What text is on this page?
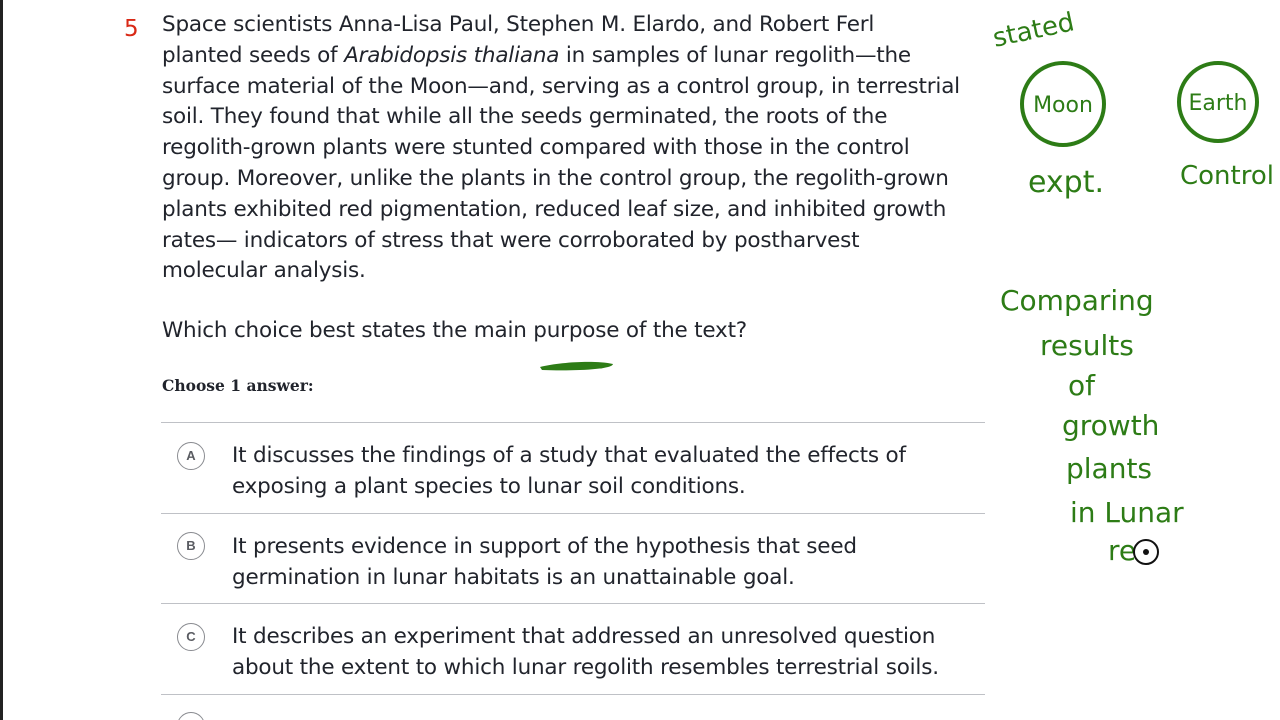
5 Space scientists Anna-Lisa Paul, Stephen M. Elardo, and Robert Ferl
planted seeds of Arabidopsis thaliana in samples of lunar regolith—the
surface material of the Moon—and, serving as a control group, in terrestrial
soil. They found that while all the seeds germinated, the roots of the
regolith-grown plants were stunted compared with those in the control
group. Moreover, unlike the plants in the control group, the regolith-grown
plants exhibited red pigmentation, reduced leaf size, and inhibited growth
rates— indicators of stress that were corroborated by postharvest
molecular analysis.

Which choice best states the main purpose of the text?
Choose 1 answer:
A	It discusses the findings of a study that evaluated the effects of
exposing a plant species to lunar soil conditions.
B	It presents evidence in support of the hypothesis that seed
germination in lunar habitats is an unattainable goal.
C	It describes an experiment that addressed an unresolved question
about the extent to which lunar regolith resembles terrestrial soils.
stated
Moon	Earth
expt.	Control
Comparing
results
of
growth
plants
in Lunar
re
